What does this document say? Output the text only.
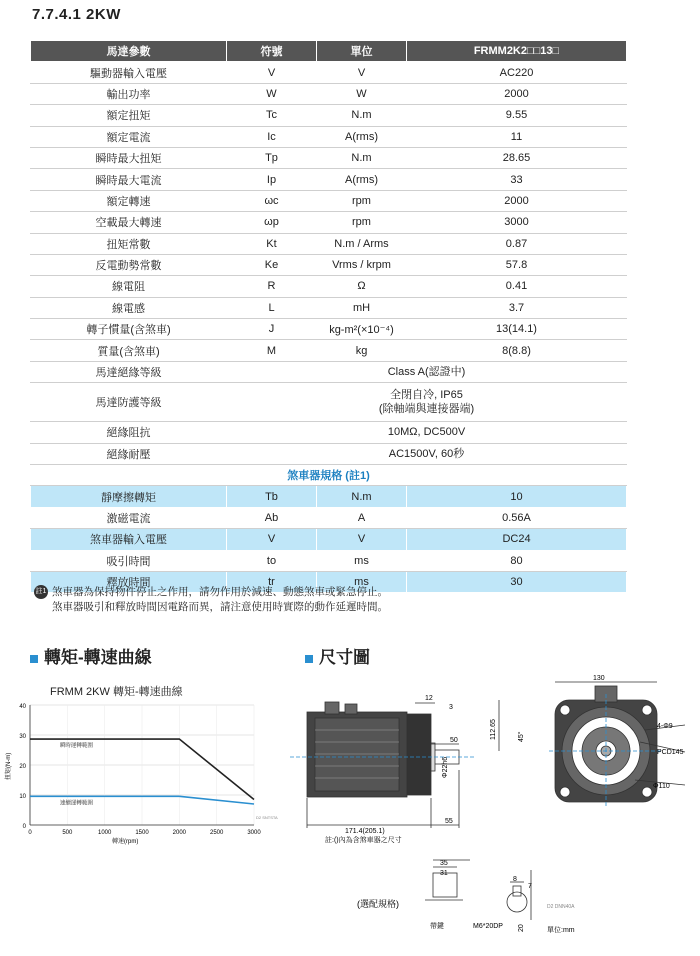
7.7.4.1 2KW
馬達參數	符號	單位	FRMM2K2□□13□
驅動器輸入電壓	V	V	AC220
輸出功率	W	W	2000
額定扭矩	Tc	N.m	9.55
額定電流	Ic	A(rms)	11
瞬時最大扭矩	Tp	N.m	28.65
瞬時最大電流	Ip	A(rms)	33
額定轉速	ωc	rpm	2000
空載最大轉速	ωp	rpm	3000
扭矩常數	Kt	N.m / Arms	0.87
反電動勢常數	Ke	Vrms / krpm	57.8
線電阻	R	Ω	0.41
線電感	L	mH	3.7
轉子慣量(含煞車)	J	kg-m²(×10⁻⁴)	13(14.1)
質量(含煞車)	M	kg	8(8.8)
馬達絕緣等級	Class A(認證中)		

馬達防護等級	全閉自冷, IP65
(除軸端與連接器端)		

絕緣阻抗	10MΩ, DC500V		

絕緣耐壓	AC1500V, 60秒		

煞車器規格 (註1)			
靜摩擦轉矩	Tb	N.m	10
激磁電流	Ab	A	0.56A
煞車器輸入電壓	V	V	DC24
吸引時間	to	ms	80
釋放時間	tr	ms	30
註1 煞車器為保持物件停止之作用，請勿作用於減速、動態煞車或緊急停止。
煞車器吸引和釋放時間因電路而異，請注意使用時實際的動作延遲時間。
轉矩-轉速曲線	尺寸圖
FRMM 2KW 轉矩-轉速曲線
0
10
20
30
40
0	500	1000	1500	2000	2500	3000
轉速(rpm)
扭矩(N-m)
瞬時運轉範圍
連續運轉範圍
D2 SNTSTA
171.4(205.1)
註:()內為含煞車器之尺寸
55
12
3
50
Φ22h6
130
4-Φ9
PCD145
Φ110
112.65	45°
35
31
8
7
(選配規格)
帶鍵	M6*20DP 20
D2 DNN40A
單位:mm
